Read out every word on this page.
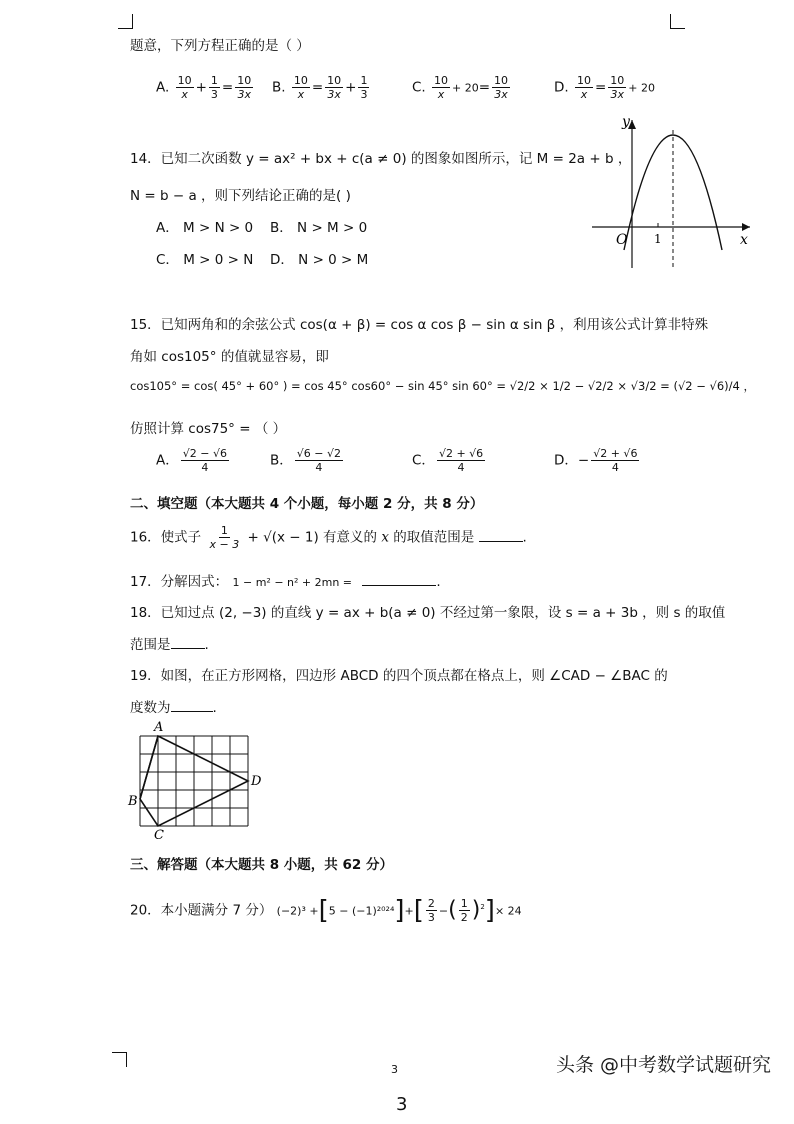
题意，下列方程正确的是（ ）
A. $\frac{10}{x} + \frac{1}{3} = \frac{10}{3x} B$. $\frac{10}{x} = \frac{10}{3x} + \frac{1}{3}$	C. $\frac{10}{x} + 20= \frac{10}{3x}$	D. $\frac{10}{x} = \frac{10}{3x} + 20$
14．已知二次函数 y = ax² + bx + c(a ≠ 0) 的图象如图所示，记 M = 2a + b ，
N = b − a ，则下列结论正确的是( )
A． M > N > 0 B． N > M > 0
C． M > 0 > N D． N > 0 > M
y
x
O 1
15．已知两角和的余弦公式 cos(α + β) = cos α cos β − sin α sin β ，利用该公式计算非特殊
角如 cos105° 的值就显容易，即
cos105° = cos( 45° + 60° ) = cos 45° cos60° − sin 45° sin 60° = √2/2 × 1/2 − √2/2 × √3/2 = (√2 − √6)/4 ，
仿照计算 cos75° = （ ）
A． $\frac{√2 - √6}{4}$	B． $\frac{√6 - √2}{4}$	C． $\frac{√2 + √6}{4}$	D．− $\frac{√2 + √6}{4}$
二、填空题（本大题共 4 个小题，每小题 2 分，共 8 分）
16．使式子 $\frac{1}{x - 3} + √(x - 1)$ 有意义的 x 的取值范围是	.
17．分解因式： 1 − m² − n² + 2mn =	.
18．已知过点 (2, −3) 的直线 y = ax + b(a ≠ 0) 不经过第一象限，设 s = a + 3b ，则 s 的取值
范围是	.
19．如图，在正方形网格，四边形 ABCD 的四个顶点都在格点上，则 ∠CAD − ∠BAC 的
度数为	.
A
B
C
D
三、解答题（本大题共 8 小题，共 62 分）
20．本小题满分 7 分） $(-2)^3 +[5 - (-1)^{2024}]+[ \frac{2}{3}$ −( $\frac{1}{2} )^2]\times 24$
3
3
头条 @中考数学试题研究
